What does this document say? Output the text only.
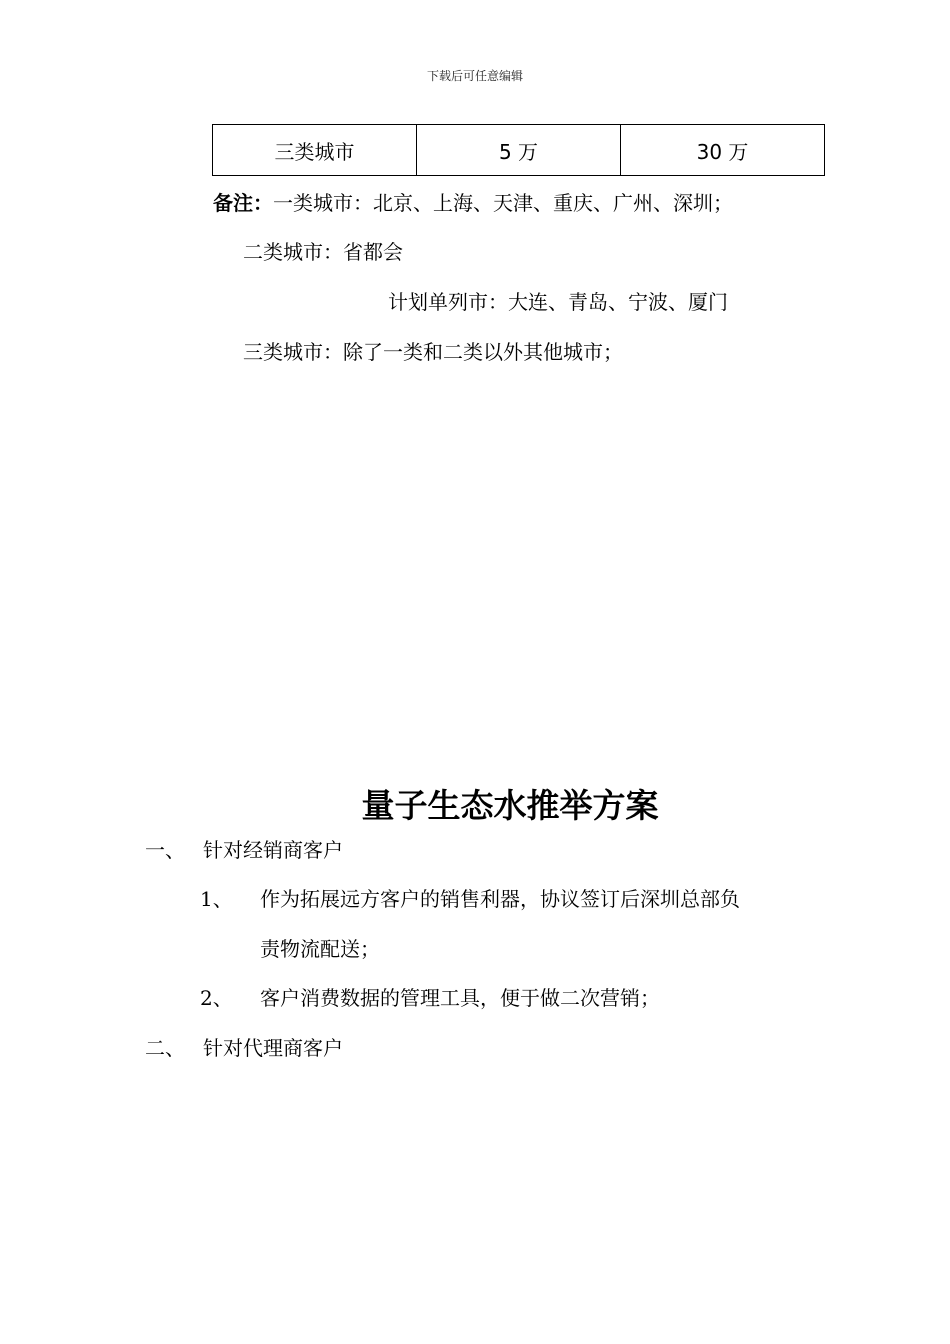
下载后可任意编辑
三类城市	5 万	30 万
备注：一类城市：北京、上海、天津、重庆、广州、深圳；
二类城市：省都会
计划单列市：大连、青岛、宁波、厦门
三类城市：除了一类和二类以外其他城市；
量子生态水推举方案
一、 针对经销商客户
1、 作为拓展远方客户的销售利器，协议签订后深圳总部负
责物流配送；
2、 客户消费数据的管理工具，便于做二次营销；
二、 针对代理商客户
